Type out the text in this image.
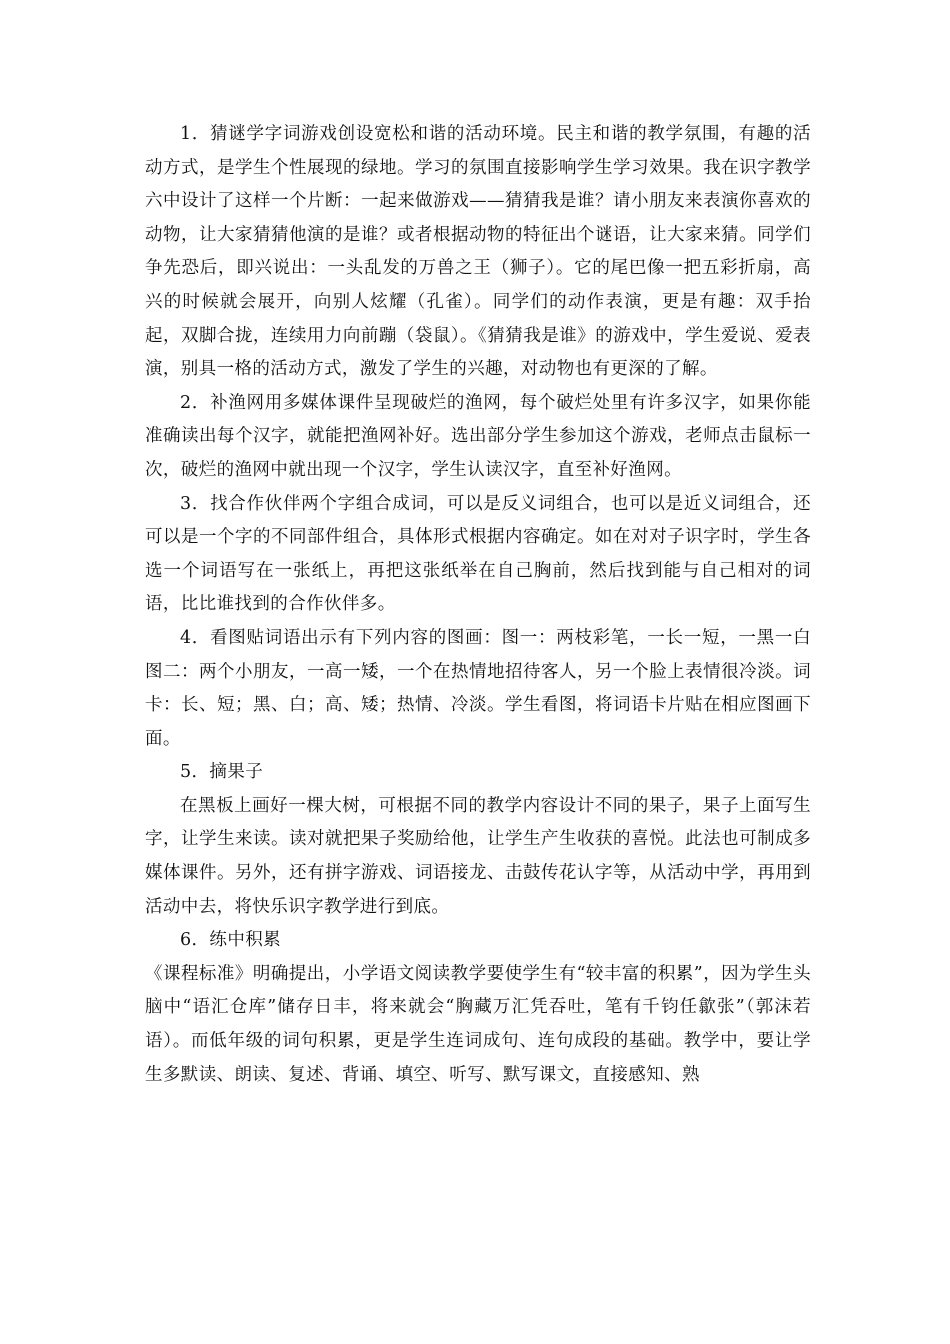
1．猜谜学字词游戏创设宽松和谐的活动环境。民主和谐的教学氛围，有趣的活动方式，是学生个性展现的绿地。学习的氛围直接影响学生学习效果。我在识字教学六中设计了这样一个片断：一起来做游戏——猜猜我是谁？请小朋友来表演你喜欢的动物，让大家猜猜他演的是谁？或者根据动物的特征出个谜语，让大家来猜。同学们争先恐后，即兴说出：一头乱发的万兽之王（狮子）。它的尾巴像一把五彩折扇，高兴的时候就会展开，向别人炫耀（孔雀）。同学们的动作表演，更是有趣：双手抬起，双脚合拢，连续用力向前蹦（袋鼠）。《猜猜我是谁》的游戏中，学生爱说、爱表演，别具一格的活动方式，激发了学生的兴趣，对动物也有更深的了解。

2．补渔网用多媒体课件呈现破烂的渔网，每个破烂处里有许多汉字，如果你能准确读出每个汉字，就能把渔网补好。选出部分学生参加这个游戏，老师点击鼠标一次，破烂的渔网中就出现一个汉字，学生认读汉字，直至补好渔网。

3．找合作伙伴两个字组合成词，可以是反义词组合，也可以是近义词组合，还可以是一个字的不同部件组合，具体形式根据内容确定。如在对对子识字时，学生各选一个词语写在一张纸上，再把这张纸举在自己胸前，然后找到能与自己相对的词语，比比谁找到的合作伙伴多。

4．看图贴词语出示有下列内容的图画：图一：两枝彩笔，一长一短，一黑一白图二：两个小朋友，一高一矮，一个在热情地招待客人，另一个脸上表情很冷淡。词卡：长、短；黑、白；高、矮；热情、冷淡。学生看图，将词语卡片贴在相应图画下面。

5．摘果子

在黑板上画好一棵大树，可根据不同的教学内容设计不同的果子，果子上面写生字，让学生来读。读对就把果子奖励给他，让学生产生收获的喜悦。此法也可制成多媒体课件。另外，还有拼字游戏、词语接龙、击鼓传花认字等，从活动中学，再用到活动中去，将快乐识字教学进行到底。

6．练中积累

《课程标准》明确提出，小学语文阅读教学要使学生有“较丰富的积累”，因为学生头脑中“语汇仓库”储存日丰，将来就会“胸藏万汇凭吞吐，笔有千钧任歙张”（郭沫若语）。而低年级的词句积累，更是学生连词成句、连句成段的基础。教学中，要让学生多默读、朗读、复述、背诵、填空、听写、默写课文，直接感知、熟
